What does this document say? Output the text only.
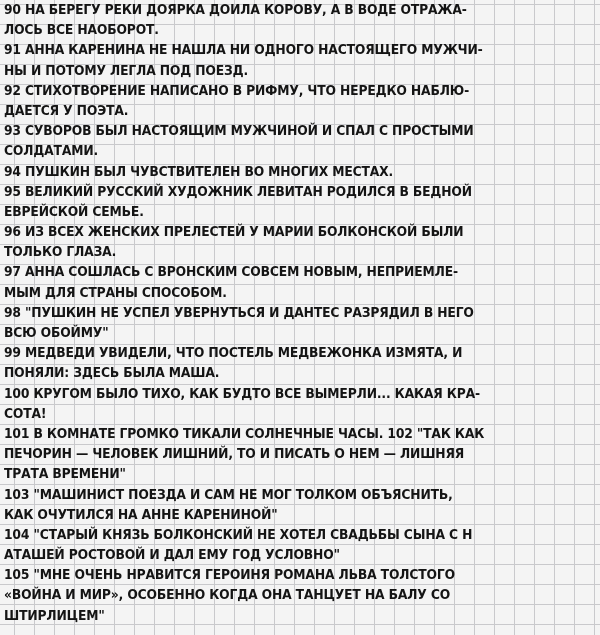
90 НА БЕРЕГУ РЕКИ ДОЯРКА ДОИЛА КОРОВУ, А В ВОДЕ ОТРАЖА-
ЛОСЬ ВСЕ НАОБОРОТ.
91 АННА КАРЕНИНА НЕ НАШЛА НИ ОДНОГО НАСТОЯЩЕГО МУЖЧИ-
НЫ И ПОТОМУ ЛЕГЛА ПОД ПОЕЗД.
92 СТИХОТВОРЕНИЕ НАПИСАНО В РИФМУ, ЧТО НЕРЕДКО НАБЛЮ-
ДАЕТСЯ У ПОЭТА.
93 СУВОРОВ БЫЛ НАСТОЯЩИМ МУЖЧИНОЙ И СПАЛ С ПРОСТЫМИ
СОЛДАТАМИ.
94 ПУШКИН БЫЛ ЧУВСТВИТЕЛЕН ВО МНОГИХ МЕСТАХ.
95 ВЕЛИКИЙ РУССКИЙ ХУДОЖНИК ЛЕВИТАН РОДИЛСЯ В БЕДНОЙ
ЕВРЕЙСКОЙ СЕМЬЕ.
96 ИЗ ВСЕХ ЖЕНСКИХ ПРЕЛЕСТЕЙ У МАРИИ БОЛКОНСКОЙ БЫЛИ
ТОЛЬКО ГЛАЗА.
97 АННА СОШЛАСЬ С ВРОНСКИМ СОВСЕМ НОВЫМ, НЕПРИЕМЛЕ-
МЫМ ДЛЯ СТРАНЫ СПОСОБОМ.
98 "ПУШКИН НЕ УСПЕЛ УВЕРНУТЬСЯ И ДАНТЕС РАЗРЯДИЛ В НЕГО
ВСЮ ОБОЙМУ"
99 МЕДВЕДИ УВИДЕЛИ, ЧТО ПОСТЕЛЬ МЕДВЕЖОНКА ИЗМЯТА, И
ПОНЯЛИ: ЗДЕСЬ БЫЛА МАША.
100 КРУГОМ БЫЛО ТИХО, КАК БУДТО ВСЕ ВЫМЕРЛИ... КАКАЯ КРА-
СОТА!
101 В КОМНАТЕ ГРОМКО ТИКАЛИ СОЛНЕЧНЫЕ ЧАСЫ. 102 "ТАК КАК
ПЕЧОРИН — ЧЕЛОВЕК ЛИШНИЙ, ТО И ПИСАТЬ О НЕМ — ЛИШНЯЯ
ТРАТА ВРЕМЕНИ"
103 "МАШИНИСТ ПОЕЗДА И САМ НЕ МОГ ТОЛКОМ ОБЪЯСНИТЬ,
КАК ОЧУТИЛСЯ НА АННЕ КАРЕНИНОЙ"
104 "СТАРЫЙ КНЯЗЬ БОЛКОНСКИЙ НЕ ХОТЕЛ СВАДЬБЫ СЫНА С Н
АТАШЕЙ РОСТОВОЙ И ДАЛ ЕМУ ГОД УСЛОВНО"
105 "МНЕ ОЧЕНЬ НРАВИТСЯ ГЕРОИНЯ РОМАНА ЛЬВА ТОЛСТОГО
«ВОЙНА И МИР», ОСОБЕННО КОГДА ОНА ТАНЦУЕТ НА БАЛУ СО
ШТИРЛИЦЕМ"
